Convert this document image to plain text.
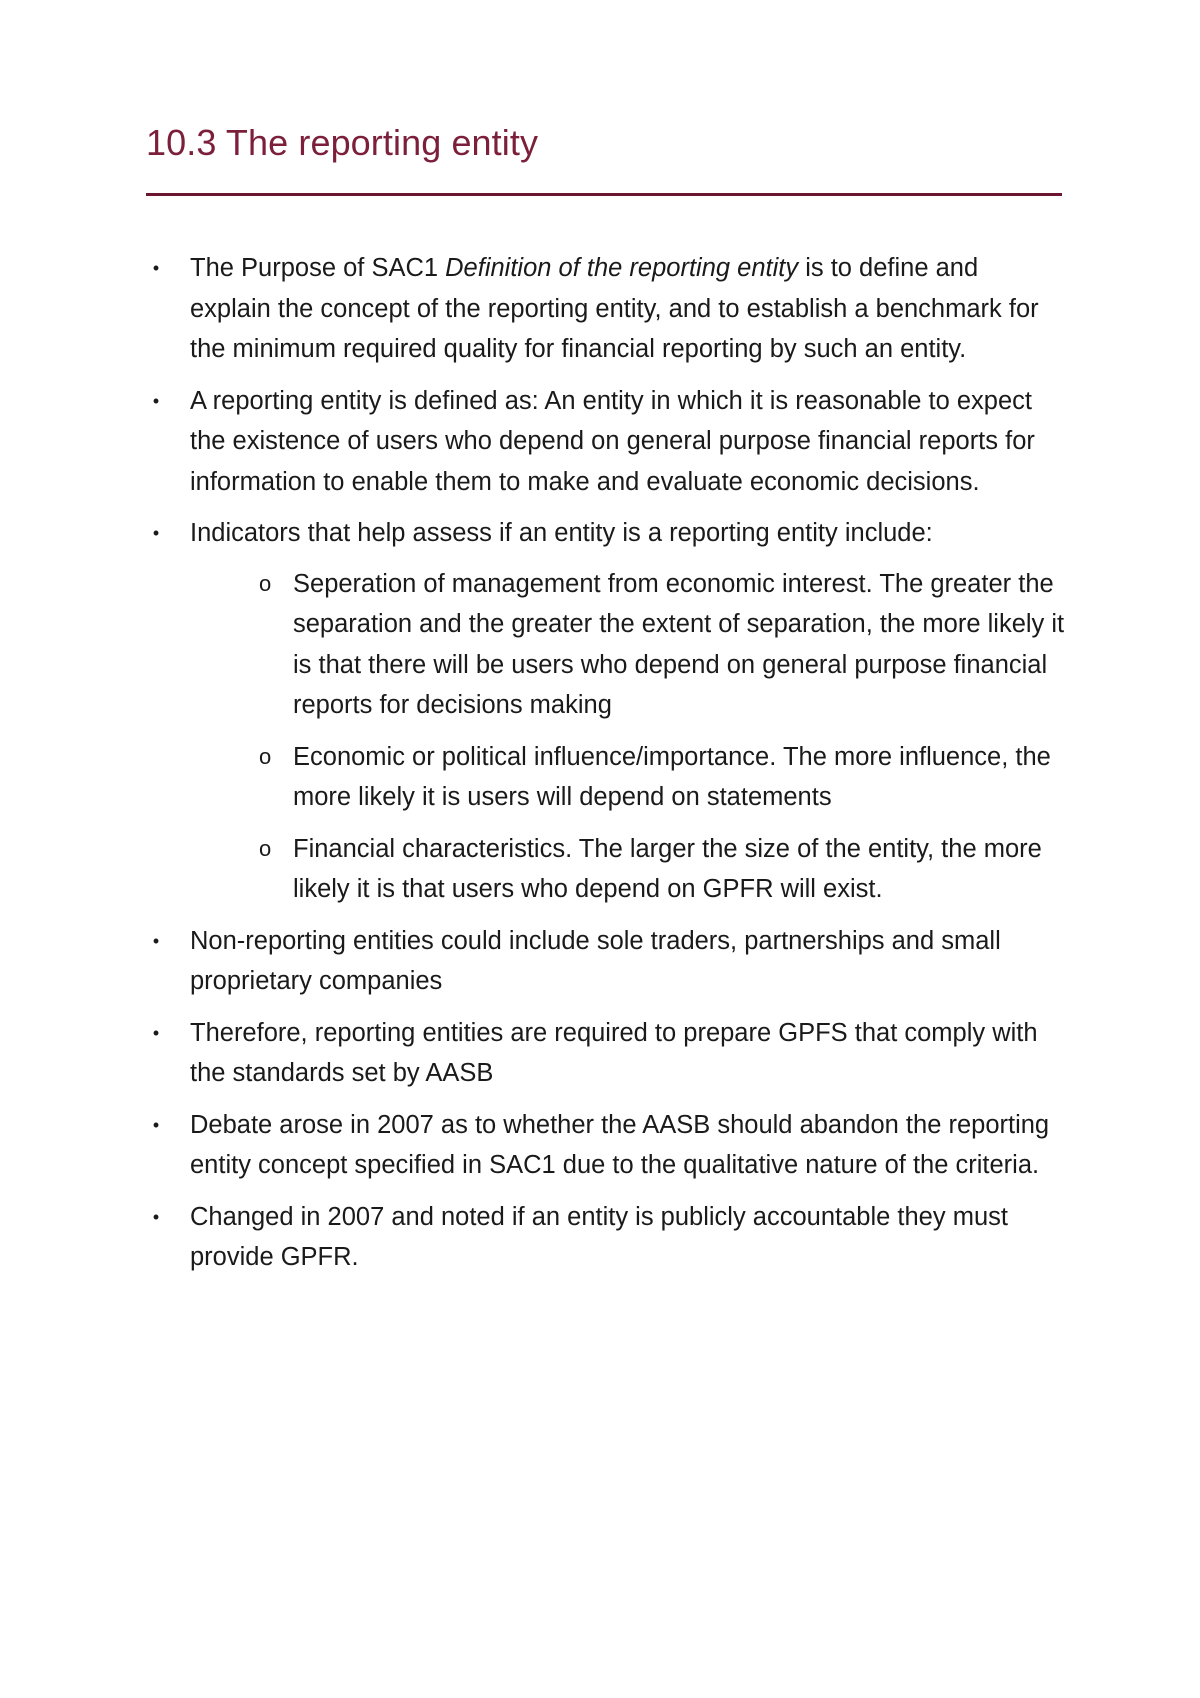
10.3 The reporting entity
• The Purpose of SAC1 Definition of the reporting entity is to define and explain the concept of the reporting entity, and to establish a benchmark for the minimum required quality for financial reporting by such an entity.
• A reporting entity is defined as: An entity in which it is reasonable to expect the existence of users who depend on general purpose financial reports for information to enable them to make and evaluate economic decisions.
• Indicators that help assess if an entity is a reporting entity include:
o Seperation of management from economic interest. The greater the separation and the greater the extent of separation, the more likely it is that there will be users who depend on general purpose financial reports for decisions making
o Economic or political influence/importance. The more influence, the more likely it is users will depend on statements
o Financial characteristics. The larger the size of the entity, the more likely it is that users who depend on GPFR will exist.
• Non-reporting entities could include sole traders, partnerships and small proprietary companies
• Therefore, reporting entities are required to prepare GPFS that comply with the standards set by AASB
• Debate arose in 2007 as to whether the AASB should abandon the reporting entity concept specified in SAC1 due to the qualitative nature of the criteria.
• Changed in 2007 and noted if an entity is publicly accountable they must provide GPFR.
